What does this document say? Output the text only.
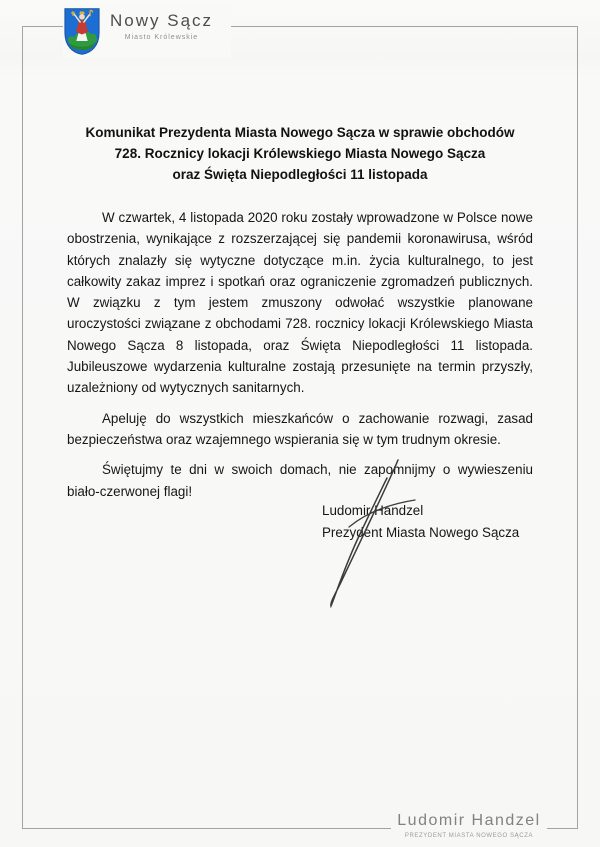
Nowy Sącz
Miasto Królewskie
Komunikat Prezydenta Miasta Nowego Sącza w sprawie obchodów
728. Rocznicy lokacji Królewskiego Miasta Nowego Sącza
oraz Święta Niepodległości 11 listopada

W czwartek, 4 listopada 2020 roku zostały wprowadzone w Polsce nowe obostrzenia, wynikające z rozszerzającej się pandemii koronawirusa, wśród których znalazły się wytyczne dotyczące m.in. życia kulturalnego, to jest całkowity zakaz imprez i spotkań oraz ograniczenie zgromadzeń publicznych. W związku z tym jestem zmuszony odwołać wszystkie planowane uroczystości związane z obchodami 728. rocznicy lokacji Królewskiego Miasta Nowego Sącza 8 listopada, oraz Święta Niepodległości 11 listopada. Jubileuszowe wydarzenia kulturalne zostają przesunięte na termin przyszły, uzależniony od wytycznych sanitarnych.

Apeluję do wszystkich mieszkańców o zachowanie rozwagi, zasad bezpieczeństwa oraz wzajemnego wspierania się w tym trudnym okresie.

Świętujmy te dni w swoich domach, nie zapomnijmy o wywieszeniu biało-czerwonej flagi!

Ludomir Handzel
Prezydent Miasta Nowego Sącza
Ludomir Handzel
PREZYDENT MIASTA NOWEGO SĄCZA
